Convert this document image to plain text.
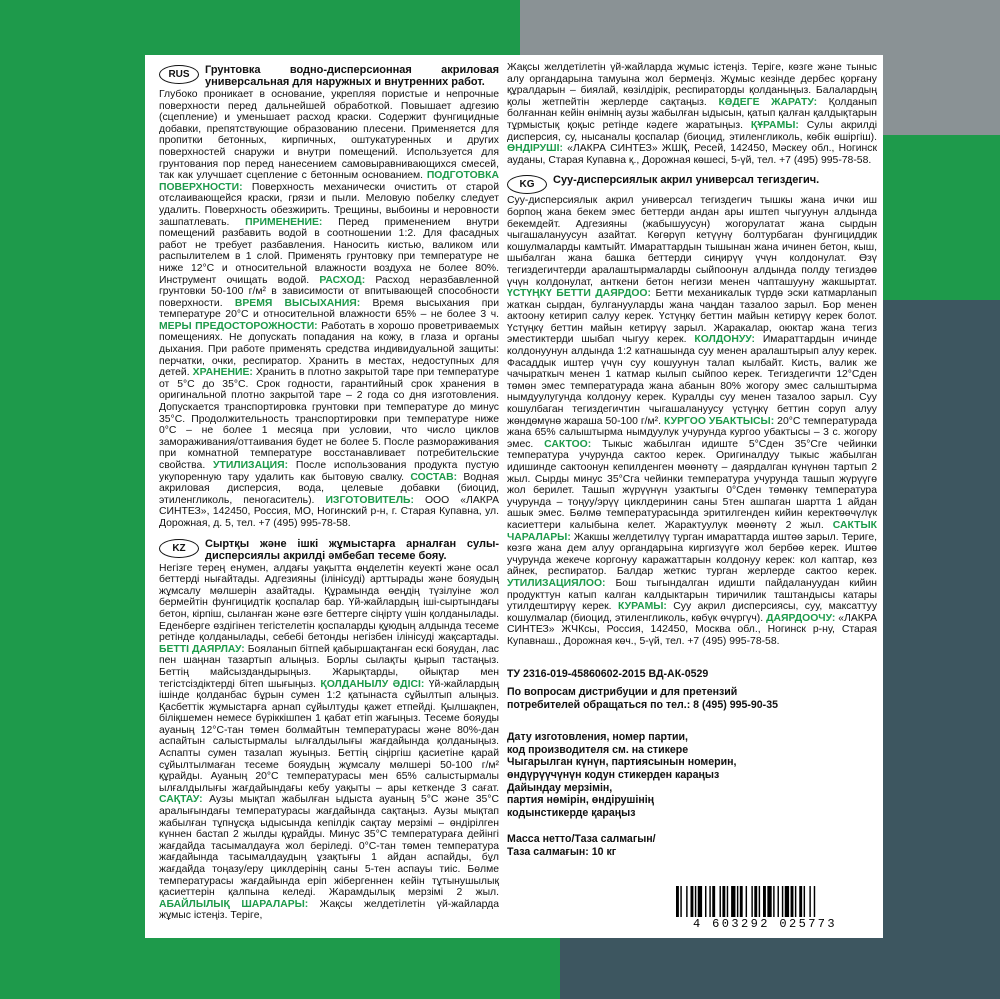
RUS	Грунтовка водно-дисперсионная акриловая универсальная для наружных и внутренних работ.

Глубоко проникает в основание, укрепляя пористые и непрочные поверхности перед дальнейшей обработкой. Повышает адгезию (сцепление) и уменьшает расход краски. Содержит фунгицидные добавки, препятствующие образованию плесени. Применяется для пропитки бетонных, кирпичных, оштукатуренных и других поверхностей снаружи и внутри помещений. Используется для грунтования пор перед нанесением самовыравнивающихся смесей, так как улучшает сцепление с бетонным основанием. ПОДГОТОВКА ПОВЕРХНОСТИ: Поверхность механически очистить от старой отслаивающейся краски, грязи и пыли. Меловую побелку следует удалить. Поверхность обезжирить. Трещины, выбоины и неровности зашпатлевать. ПРИМЕНЕНИЕ: Перед применением внутри помещений разбавить водой в соотношении 1:2. Для фасадных работ не требует разбавления. Наносить кистью, валиком или распылителем в 1 слой. Применять грунтовку при температуре не ниже 12°С и относительной влажности воздуха не более 80%. Инструмент очищать водой. РАСХОД: Расход неразбавленной грунтовки 50-100 г/м² в зависимости от впитывающей способности поверхности. ВРЕМЯ ВЫСЫХАНИЯ: Время высыхания при температуре 20°С и относительной влажности 65% – не более 3 ч. МЕРЫ ПРЕДОСТОРОЖНОСТИ: Работать в хорошо проветриваемых помещениях. Не допускать попадания на кожу, в глаза и органы дыхания. При работе применять средства индивидуальной защиты: перчатки, очки, респиратор. Хранить в местах, недоступных для детей. ХРАНЕНИЕ: Хранить в плотно закрытой таре при температуре от 5°С до 35°С. Срок годности, гарантийный срок хранения в оригинальной плотно закрытой таре – 2 года со дня изготовления. Допускается транспортировка грунтовки при температуре до минус 35°С. Продолжительность транспортировки при температуре ниже 0°С – не более 1 месяца при условии, что число циклов замораживания/оттаивания будет не более 5. После размораживания при комнатной температуре восстанавливает потребительские свойства. УТИЛИЗАЦИЯ: После использования продукта пустую укупоренную тару удалить как бытовую свалку. СОСТАВ: Водная акриловая дисперсия, вода, целевые добавки (биоцид, этиленгликоль, пеногаситель). ИЗГОТОВИТЕЛЬ: ООО «ЛАКРА СИНТЕЗ», 142450, Россия, МО, Ногинский р-н, г. Старая Купавна, ул. Дорожная, д. 5, тел. +7 (495) 995-78-58.

KZ	Сыртқы және ішкі жұмыстарға арналған сулы-дисперсиялы акрилді әмбебап тесеме бояу.

Негізге терең енумен, алдағы уақытта өңделетін кеуекті және осал беттерді нығайтады. Адгезияны (ілінісуді) арттырады және бояудың жұмсалу мөлшерін азайтады. Құрамында өеңдің түзілуіне жол бермейтін фунгицидтік қоспалар бар. Үй-жайлардың іші-сыртындағы бетон, кірпіш, сыланған және өзге беттерге сіңірту үшін қолданылады. Еденберге өздігінен тегістелетін қоспаларды құюдың алдында тесеме ретінде қолданылады, себебі бетонды негізбен ілінісуді жақсартады. БЕТТІ ДАЯРЛАУ: Бояланып бітпей қабыршақтанған ескі бояудан, лас пен шаңнан тазартып алыңыз. Борлы сылақты қырып тастаңыз. Беттің майсыздандырыңыз. Жарықтарды, ойықтар мен тегістсіздіктерді бітеп шығыңыз. ҚОЛДАНЫЛУ ӘДІСІ: Үй-жайлардың ішінде қолданбас бұрын сумен 1:2 қатынаста сұйылтып алыңыз. Қасбеттік жұмыстарға арнап сұйылтуды қажет етпейді. Қылшақпен, біліқшемен немесе бүріккішпен 1 қабат етіп жағыңыз. Тесеме бояуды ауаның 12°С-тан төмен болмайтын температурасы және 80%-дан аспайтын салыстырмалы ылғалдылығы жағдайында қолданыңыз. Аспапты сумен тазалап жуыңыз. Беттің сіңіргіш қасиетіне қарай сұйылтылмаған тесеме бояудың жұмсалу мөлшері 50-100 г/м² құрайды. Ауаның 20°С температурасы мен 65% салыстырмалы ылғалдылығы жағдайындағы кебу уақыты – ары кеткенде 3 сағат. САҚТАУ: Аузы мықтап жабылған ыдыста ауаның 5°С және 35°С аралығындағы температурасы жағдайында сақтаңыз. Аузы мықтап жабылған тұпнұсқа ыдысында кепілдік сақтау мерзімі – өндірілген күннен бастап 2 жылды құрайды. Минус 35°С температураға дейінгі жағдайда тасымалдауға жол беріледі. 0°С-тан төмен температура жағдайында тасымалдаудың ұзақтығы 1 айдан аспайды, бұл жағдайда тоңазу/еру циклдерінің саны 5-тен аспауы тиіс. Бөлме температурасы жағдайында еріп жібергеннен кейін тұтынушылық қасиеттерін қалпына келеді. Жарамдылық мерзімі 2 жыл. АБАЙЛЫЛЫҚ ШАРАЛАРЫ: Жақсы желдетілетін үй-жайларда жұмыс істеңіз. Терігe,

Жақсы желдетілетін үй-жайларда жұмыс істеңіз. Терігe, көзге және тыныс алу органдарына тамуына жол бермеңіз. Жұмыс кезінде дербес қорғану құралдарын – биялай, көзілдірік, респираторды қолданыңыз. Балалардың қолы жетпейтін жерлерде сақтаңыз. КӘДЕГЕ ЖАРАТУ: Қолданып болғаннан кейін өнімнің аузы жабылған ыдысын, қатып қалған қалдықтарын тұрмыстық қоқыс ретінде кәдеге жаратыңыз. ҚҰРАМЫ: Сулы акрилді дисперсия, су, нысаналы қоспалар (биоцид, этиленгликоль, көбік өшіргіш). ӨНДІРУШІ: «ЛАКРА СИНТЕЗ» ЖШҚ, Ресей, 142450, Мәскеу обл., Ногинск ауданы, Старая Купавна қ., Дорожная көшесі, 5-үй, тел. +7 (495) 995-78-58.

KG	Суу-дисперсиялык акрил универсал тегиздегич.

Суу-дисперсиялык акрил универсал тегиздегич тышкы жана ички иш борпоң жана бекем эмес беттерди андан ары иштеп чыгуунун алдында бекемдейт. Адгезияны (жабышуусун) жогорулатат жана сырдын чыгашалануусун азайтат. Көгөрүп кетүүнү болтурбаган фунгициддик кошулмаларды камтыйт. Имараттардын тышынан жана ичинен бетон, кыш, шыбалган жана башка беттерди сиңирүү үчүн колдонулат. Өзү тегиздегичтерди аралаштырмаларды сыйпоонун алдында полду тегиздөө үчүн колдонулат, анткени бетон негизи менен чапташууну жакшыртат. ҮСТҮҢКҮ БЕТТИ ДАЯРДОО: Бетти механикалык түрдө эски катмарланып жаткан сырдан, булганууларды жана чаңдан тазалоо зарыл. Бор менен актоону кетирип салуу керек. Үстүңкү беттин майын кетирүү керек болот. Үстүңкү беттин майын кетирүү зарыл. Жаракалар, оюктар жана тегиз эместиктерди шыбап чыгуу керек. КОЛДОНУУ: Имараттардын ичинде колдонуунун алдында 1:2 катнашында суу менен аралаштырып алуу керек. Фасаддык иштер үчүн суу кошуунун талап кылбайт. Кисть, валик же чачыраткыч менен 1 катмар кылып сыйпоо керек. Тегиздегичти 12°Сден төмөн эмес температурада жана абанын 80% жогору эмес салыштырма нымдуулугунда колдонуу керек. Куралды суу менен тазалоо зарыл. Суу кошулбаган тегиздегичтин чыгашалануусу үстүңкү беттин соруп алуу жөндөмүнө жараша 50-100 г/м². КУРГОО УБАКТЫСЫ: 20°С температурада жана 65% салыштырма нымдуулук учурунда кургоо убактысы – 3 с. жогору эмес. САКТОО: Тыкыс жабылган идиште 5°Сден 35°Сге чейинки температура учурунда сактоо керек. Оригиналдуу тыкыс жабылган идишинде сактоонун кепилденген мөөнөтү – даярдалган күнүнөн тартып 2 жыл. Сырды минус 35°Сга чейинки температура учурунда ташып жүрүүгө жол берилет. Ташып жүрүүнүн узактыгы 0°Сден төмөнкү температура учурунда – тоңуу/эрүү циклдеринин саны 5тен ашпаган шартта 1 айдан ашык эмес. Бөлмө температурасында эритилгенден кийин керектөөчүлүк касиеттери калыбына келет. Жарактуулук мөөнөтү 2 жыл. САКТЫК ЧАРАЛАРЫ: Жакшы желдетилүү турган имараттарда иштөө зарыл. Териге, көзгө жана дем алуу органдарына киргизүүгө жол бербөө керек. Иштөө учурунда жекече коргонуу каражаттарын колдонуу керек: кол каптар, көз айнек, респиратор. Балдар жеткис турган жерлерде сактоо керек. УТИЛИЗАЦИЯЛОО: Бош тыгындалган идишти пайдалануудан кийин продукттун катып калган калдыктарын тиричилик таштандысы катары утилдештирүү керек. КУРАМЫ: Суу акрил дисперсиясы, суу, максаттуу кошулмалар (биоцид, этиленгликоль, көбүк өчүргүч). ДАЯРДООЧУ: «ЛАКРА СИНТЕЗ» ЖЧКсы, Россия, 142450, Москва обл., Ногинск р-ну, Старая Купавнаш., Дорожная көч., 5-үй, тел. +7 (495) 995-78-58.

ТУ 2316-019-45860602-2015 ВД-АК-0529
По вопросам дистрибуции и для претензий
потребителей обращаться по тел.: 8 (495) 995-90-35
Дату изготовления, номер партии,
код производителя см. на стикере
Чыгарылган күнүн, партиясынын номерин,
өндүрүүчүнүн кодун стикерден караңыз
Дайындау мерзімін,
партия нөмірін, өндірушінің
кодынстикерде қараңыз
Масса нетто/Таза салмагын/
Таза салмағын: 10 кг
4 603292 025773
